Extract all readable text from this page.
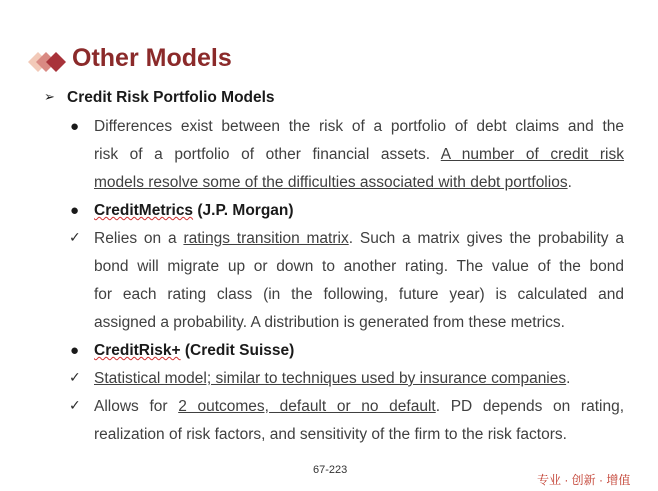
Other Models
➢ Credit Risk Portfolio Models
● Differences exist between the risk of a portfolio of debt claims and the
risk of a portfolio of other financial assets. A number of credit risk
models resolve some of the difficulties associated with debt portfolios.
● CreditMetrics (J.P. Morgan)
✓ Relies on a ratings transition matrix. Such a matrix gives the probability a
bond will migrate up or down to another rating. The value of the bond
for each rating class (in the following, future year) is calculated and
assigned a probability. A distribution is generated from these metrics.
● CreditRisk+ (Credit Suisse)
✓ Statistical model; similar to techniques used by insurance companies.
✓ Allows for 2 outcomes, default or no default. PD depends on rating,
realization of risk factors, and sensitivity of the firm to the risk factors.
67-223
专业 · 创新 · 增值
